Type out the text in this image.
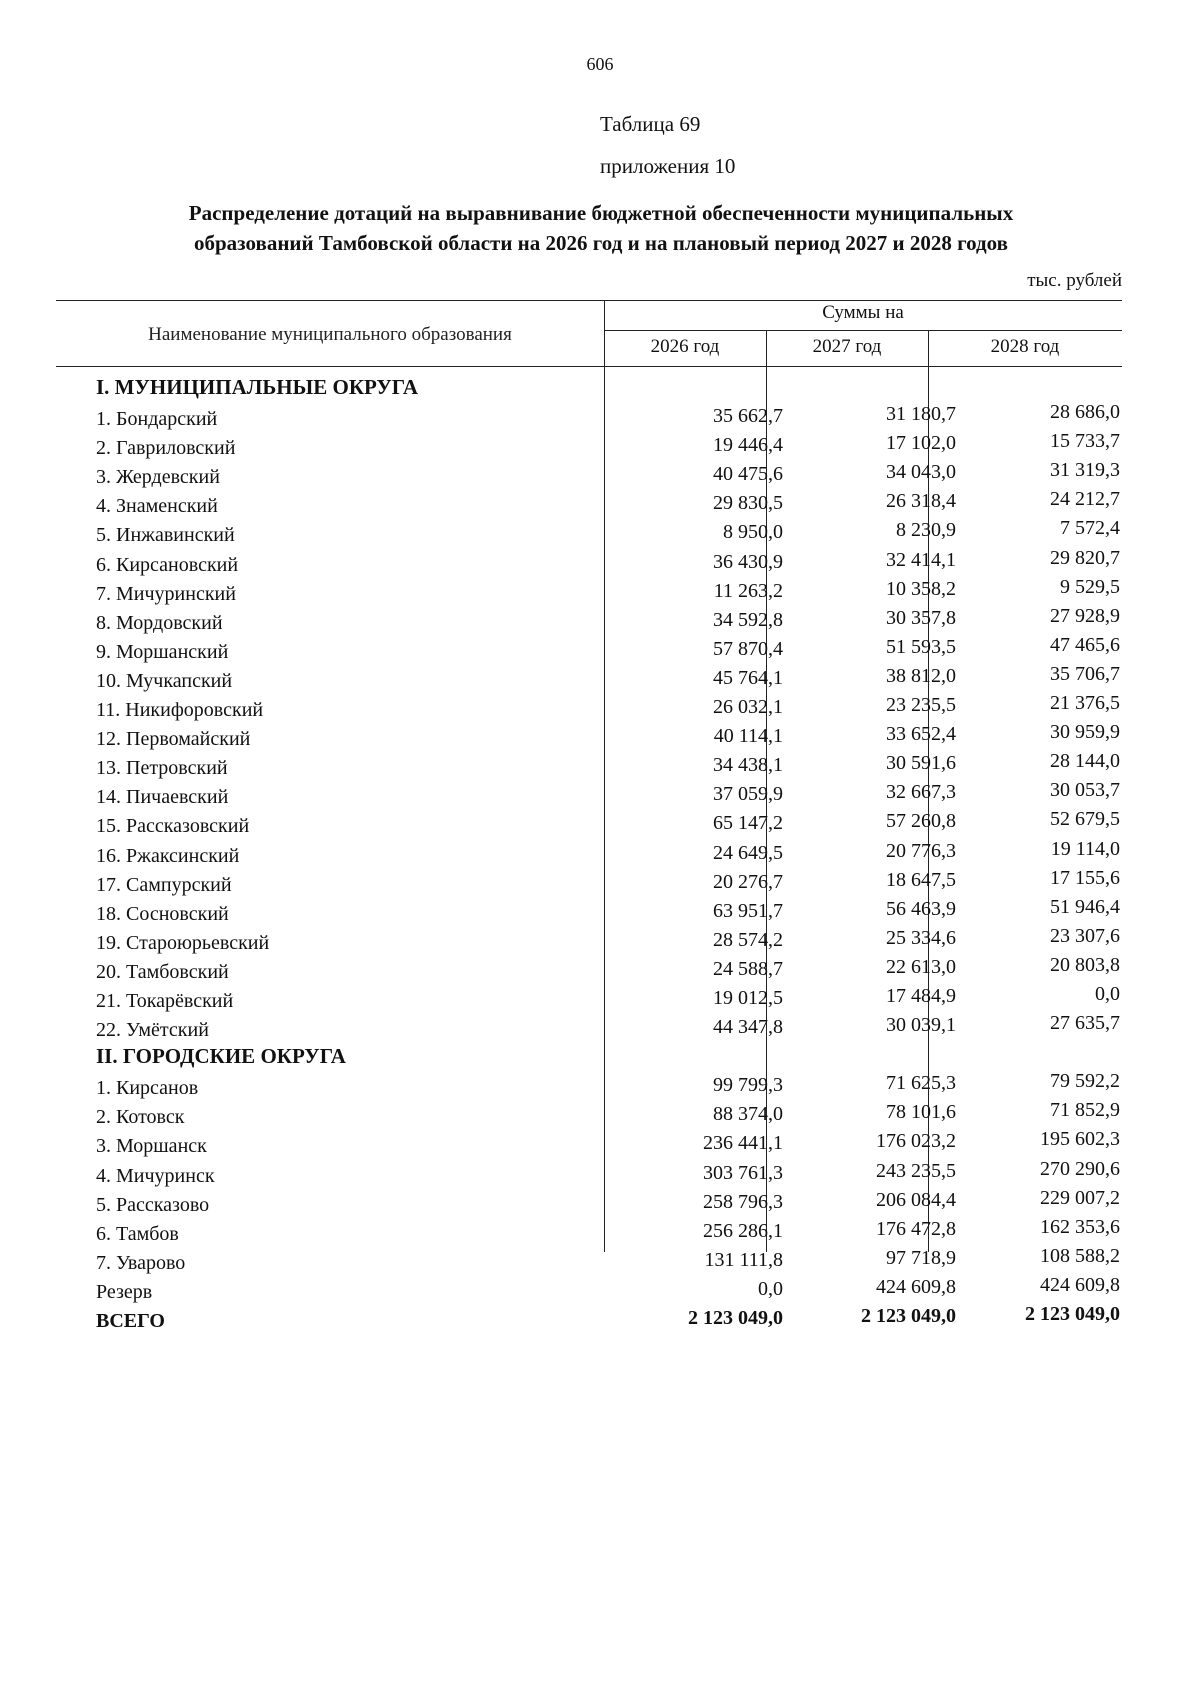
606
Таблица 69
приложения 10
Распределение дотаций на выравнивание бюджетной обеспеченности муниципальных
образований Тамбовской области на 2026 год и на плановый период 2027 и 2028 годов
тыс. рублей
Наименование муниципального образования
Суммы на
2026 год	2027 год	2028 год
I. МУНИЦИПАЛЬНЫЕ ОКРУГА
1. Бондарский	35 662,7	31 180,7	28 686,0
2. Гавриловский	19 446,4	17 102,0	15 733,7
3. Жердевский	40 475,6	34 043,0	31 319,3
4. Знаменский	29 830,5	26 318,4	24 212,7
5. Инжавинский	8 950,0	8 230,9	7 572,4
6. Кирсановский	36 430,9	32 414,1	29 820,7
7. Мичуринский	11 263,2	10 358,2	9 529,5
8. Мордовский	34 592,8	30 357,8	27 928,9
9. Моршанский	57 870,4	51 593,5	47 465,6
10. Мучкапский	45 764,1	38 812,0	35 706,7
11. Никифоровский	26 032,1	23 235,5	21 376,5
12. Первомайский	40 114,1	33 652,4	30 959,9
13. Петровский	34 438,1	30 591,6	28 144,0
14. Пичаевский	37 059,9	32 667,3	30 053,7
15. Рассказовский	65 147,2	57 260,8	52 679,5
16. Ржаксинский	24 649,5	20 776,3	19 114,0
17. Сампурский	20 276,7	18 647,5	17 155,6
18. Сосновский	63 951,7	56 463,9	51 946,4
19. Староюрьевский	28 574,2	25 334,6	23 307,6
20. Тамбовский	24 588,7	22 613,0	20 803,8
21. Токарёвский	19 012,5	17 484,9	0,0
22. Умётский	44 347,8	30 039,1	27 635,7
II. ГОРОДСКИЕ ОКРУГА
1. Кирсанов	99 799,3	71 625,3	79 592,2
2. Котовск	88 374,0	78 101,6	71 852,9
3. Моршанск	236 441,1	176 023,2	195 602,3
4. Мичуринск	303 761,3	243 235,5	270 290,6
5. Рассказово	258 796,3	206 084,4	229 007,2
6. Тамбов	256 286,1	176 472,8	162 353,6
7. Уварово	131 111,8	97 718,9	108 588,2
Резерв	0,0	424 609,8	424 609,8
ВСЕГО	2 123 049,0	2 123 049,0	2 123 049,0
